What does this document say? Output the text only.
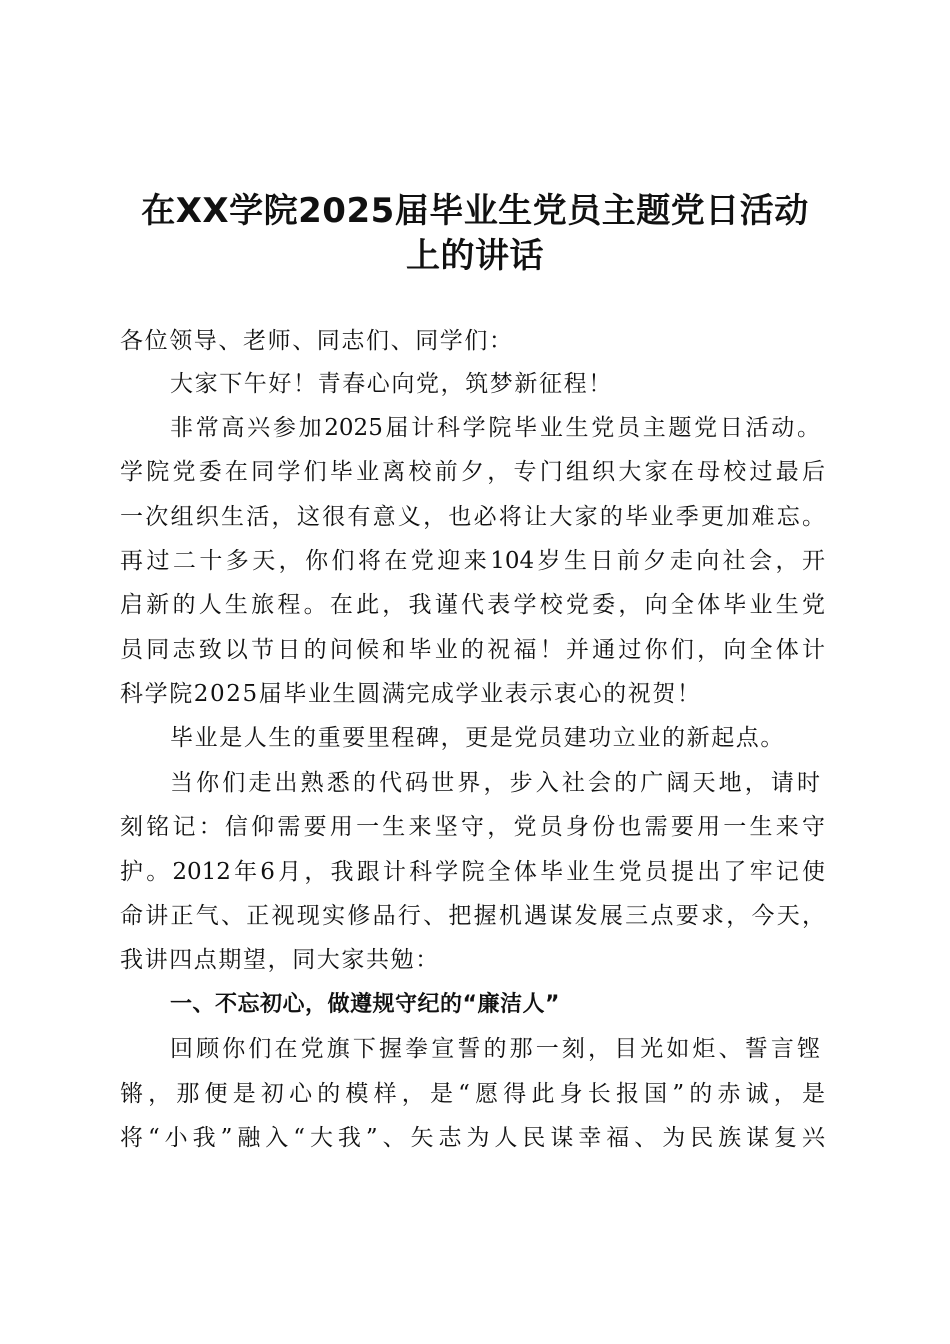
在XX学院2025届毕业生党员主题党日活动
上的讲话
各位领导、老师、同志们、同学们：
大家下午好！青春心向党，筑梦新征程！
非常高兴参加2025届计科学院毕业生党员主题党日活动。
学院党委在同学们毕业离校前夕，专门组织大家在母校过最后
一次组织生活，这很有意义，也必将让大家的毕业季更加难忘。
再过二十多天，你们将在党迎来104岁生日前夕走向社会，开
启新的人生旅程。在此，我谨代表学校党委，向全体毕业生党
员同志致以节日的问候和毕业的祝福！并通过你们，向全体计
科学院2025届毕业生圆满完成学业表示衷心的祝贺！
毕业是人生的重要里程碑，更是党员建功立业的新起点。
当你们走出熟悉的代码世界，步入社会的广阔天地，请时
刻铭记：信仰需要用一生来坚守，党员身份也需要用一生来守
护。2012年6月，我跟计科学院全体毕业生党员提出了牢记使
命讲正气、正视现实修品行、把握机遇谋发展三点要求，今天，
我讲四点期望，同大家共勉：
一、不忘初心，做遵规守纪的“廉洁人”
回顾你们在党旗下握拳宣誓的那一刻，目光如炬、誓言铿
锵，那便是初心的模样，是“愿得此身长报国”的赤诚，是
将“小我”融入“大我”、矢志为人民谋幸福、为民族谋复兴
